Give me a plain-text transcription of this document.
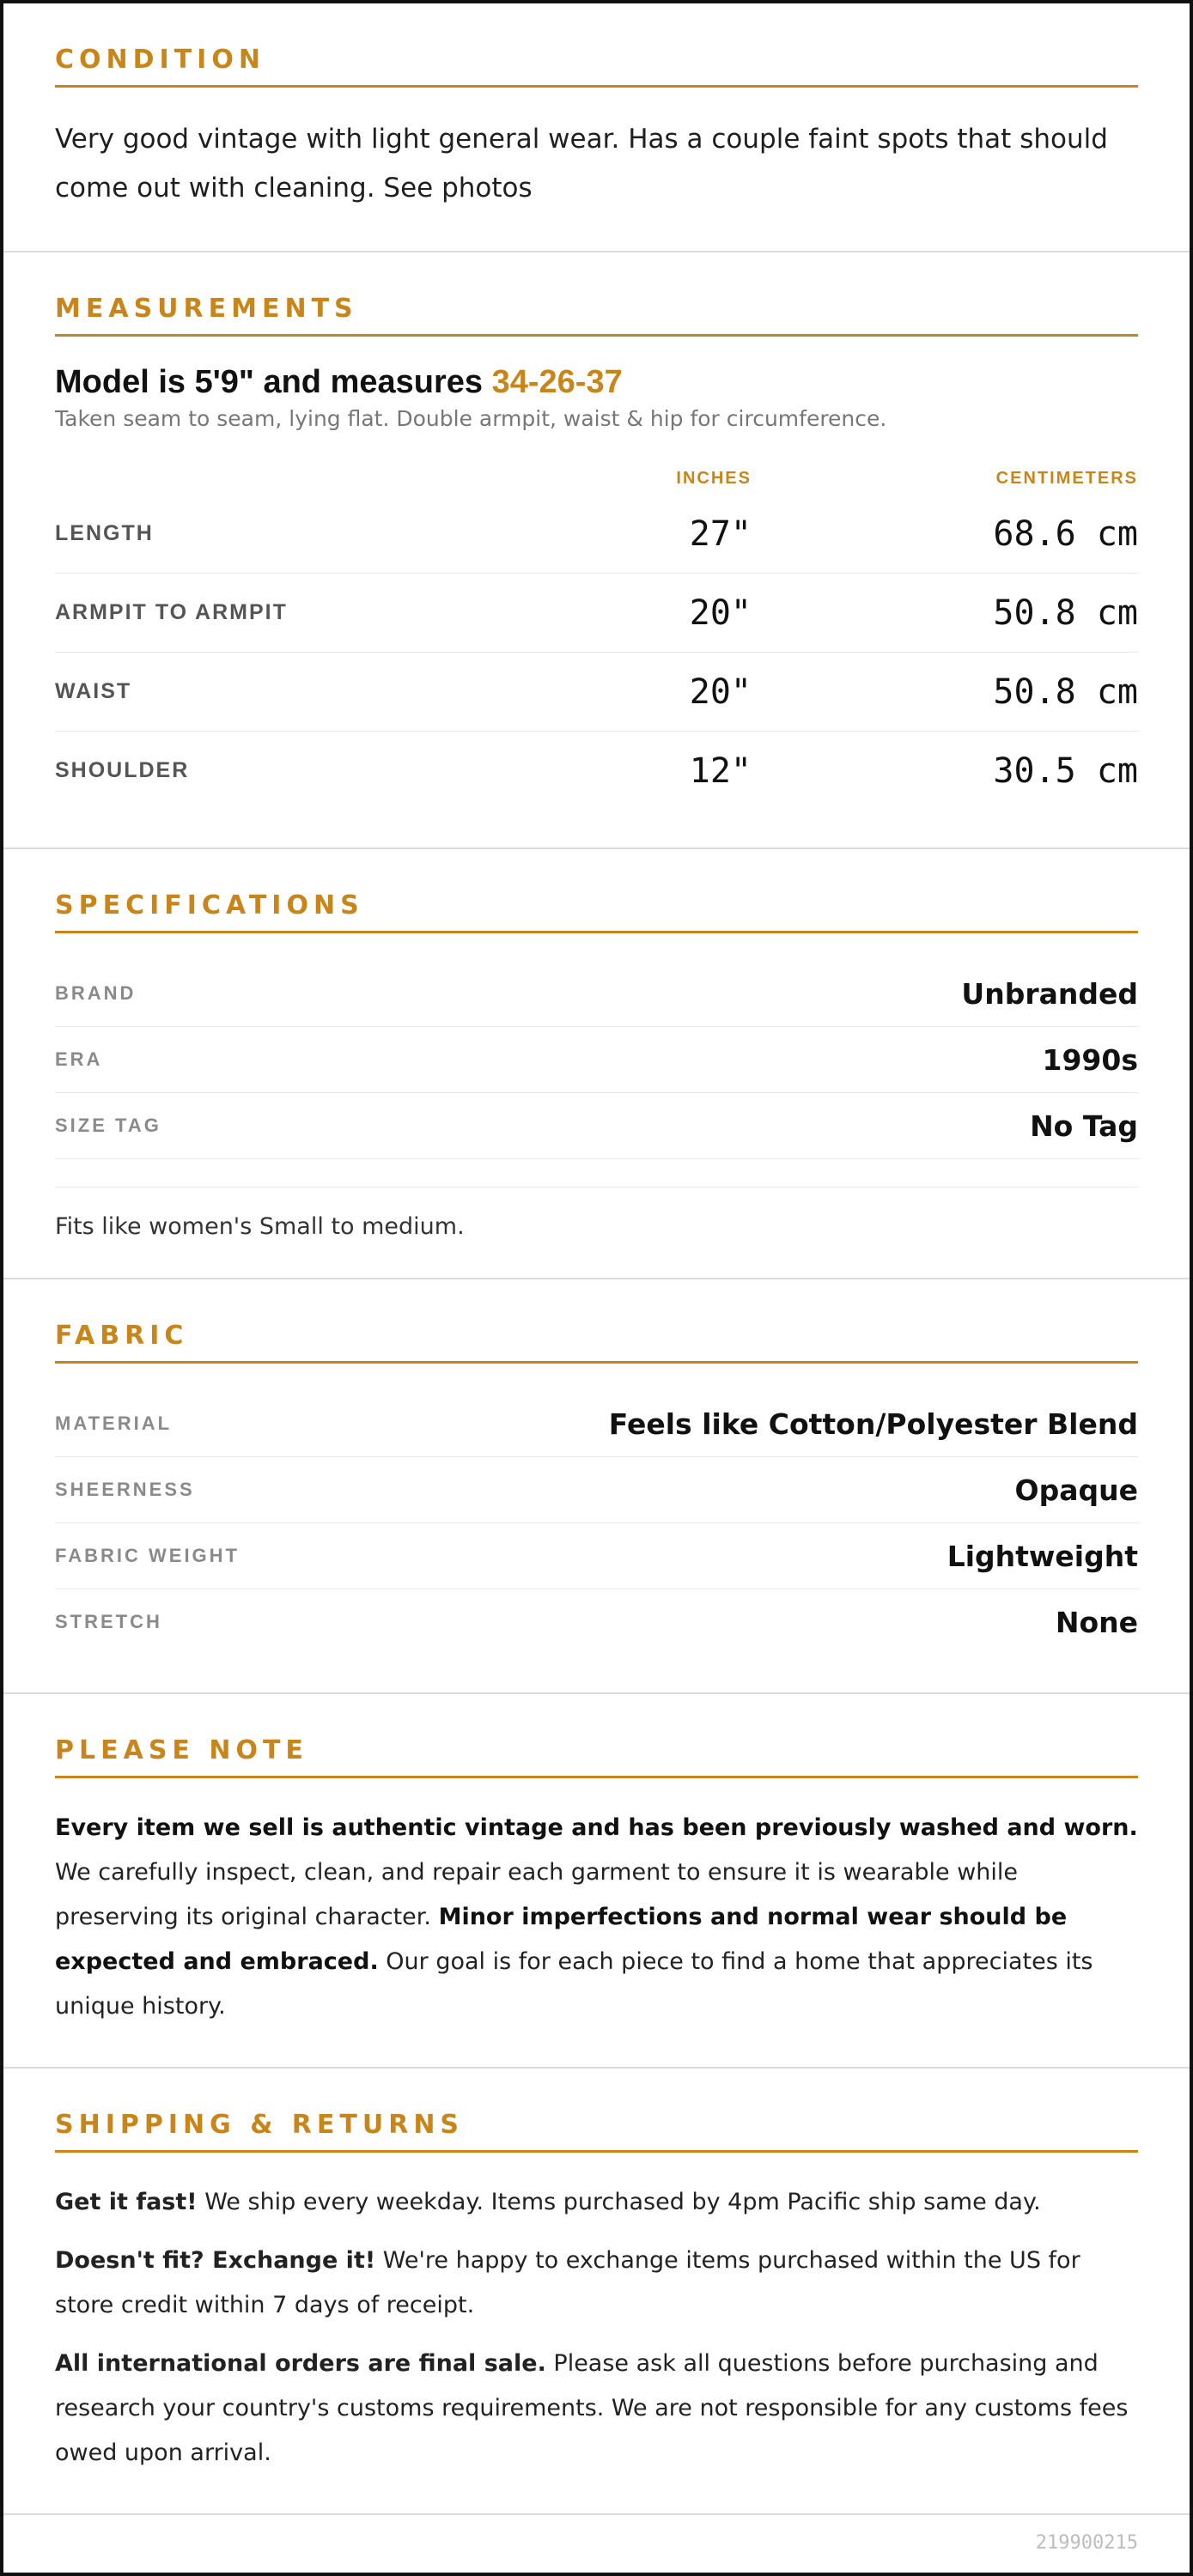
CONDITION
Very good vintage with light general wear. Has a couple faint spots that should come out with cleaning. See photos
MEASUREMENTS
Model is 5'9" and measures 34-26-37
Taken seam to seam, lying flat. Double armpit, waist & hip for circumference.
INCHES	CENTIMETERS
LENGTH	27"	68.6 cm
ARMPIT TO ARMPIT	20"	50.8 cm
WAIST	20"	50.8 cm
SHOULDER	12"	30.5 cm
SPECIFICATIONS
BRAND	Unbranded
ERA	1990s
SIZE TAG	No Tag
Fits like women's Small to medium.
FABRIC
MATERIAL	Feels like Cotton/Polyester Blend
SHEERNESS	Opaque
FABRIC WEIGHT	Lightweight
STRETCH	None
PLEASE NOTE
Every item we sell is authentic vintage and has been previously washed and worn. We carefully inspect, clean, and repair each garment to ensure it is wearable while preserving its original character. Minor imperfections and normal wear should be expected and embraced. Our goal is for each piece to find a home that appreciates its unique history.
SHIPPING & RETURNS

Get it fast! We ship every weekday. Items purchased by 4pm Pacific ship same day.

Doesn't fit? Exchange it! We're happy to exchange items purchased within the US for store credit within 7 days of receipt.

All international orders are final sale. Please ask all questions before purchasing and research your country's customs requirements. We are not responsible for any customs fees owed upon arrival.

219900215
